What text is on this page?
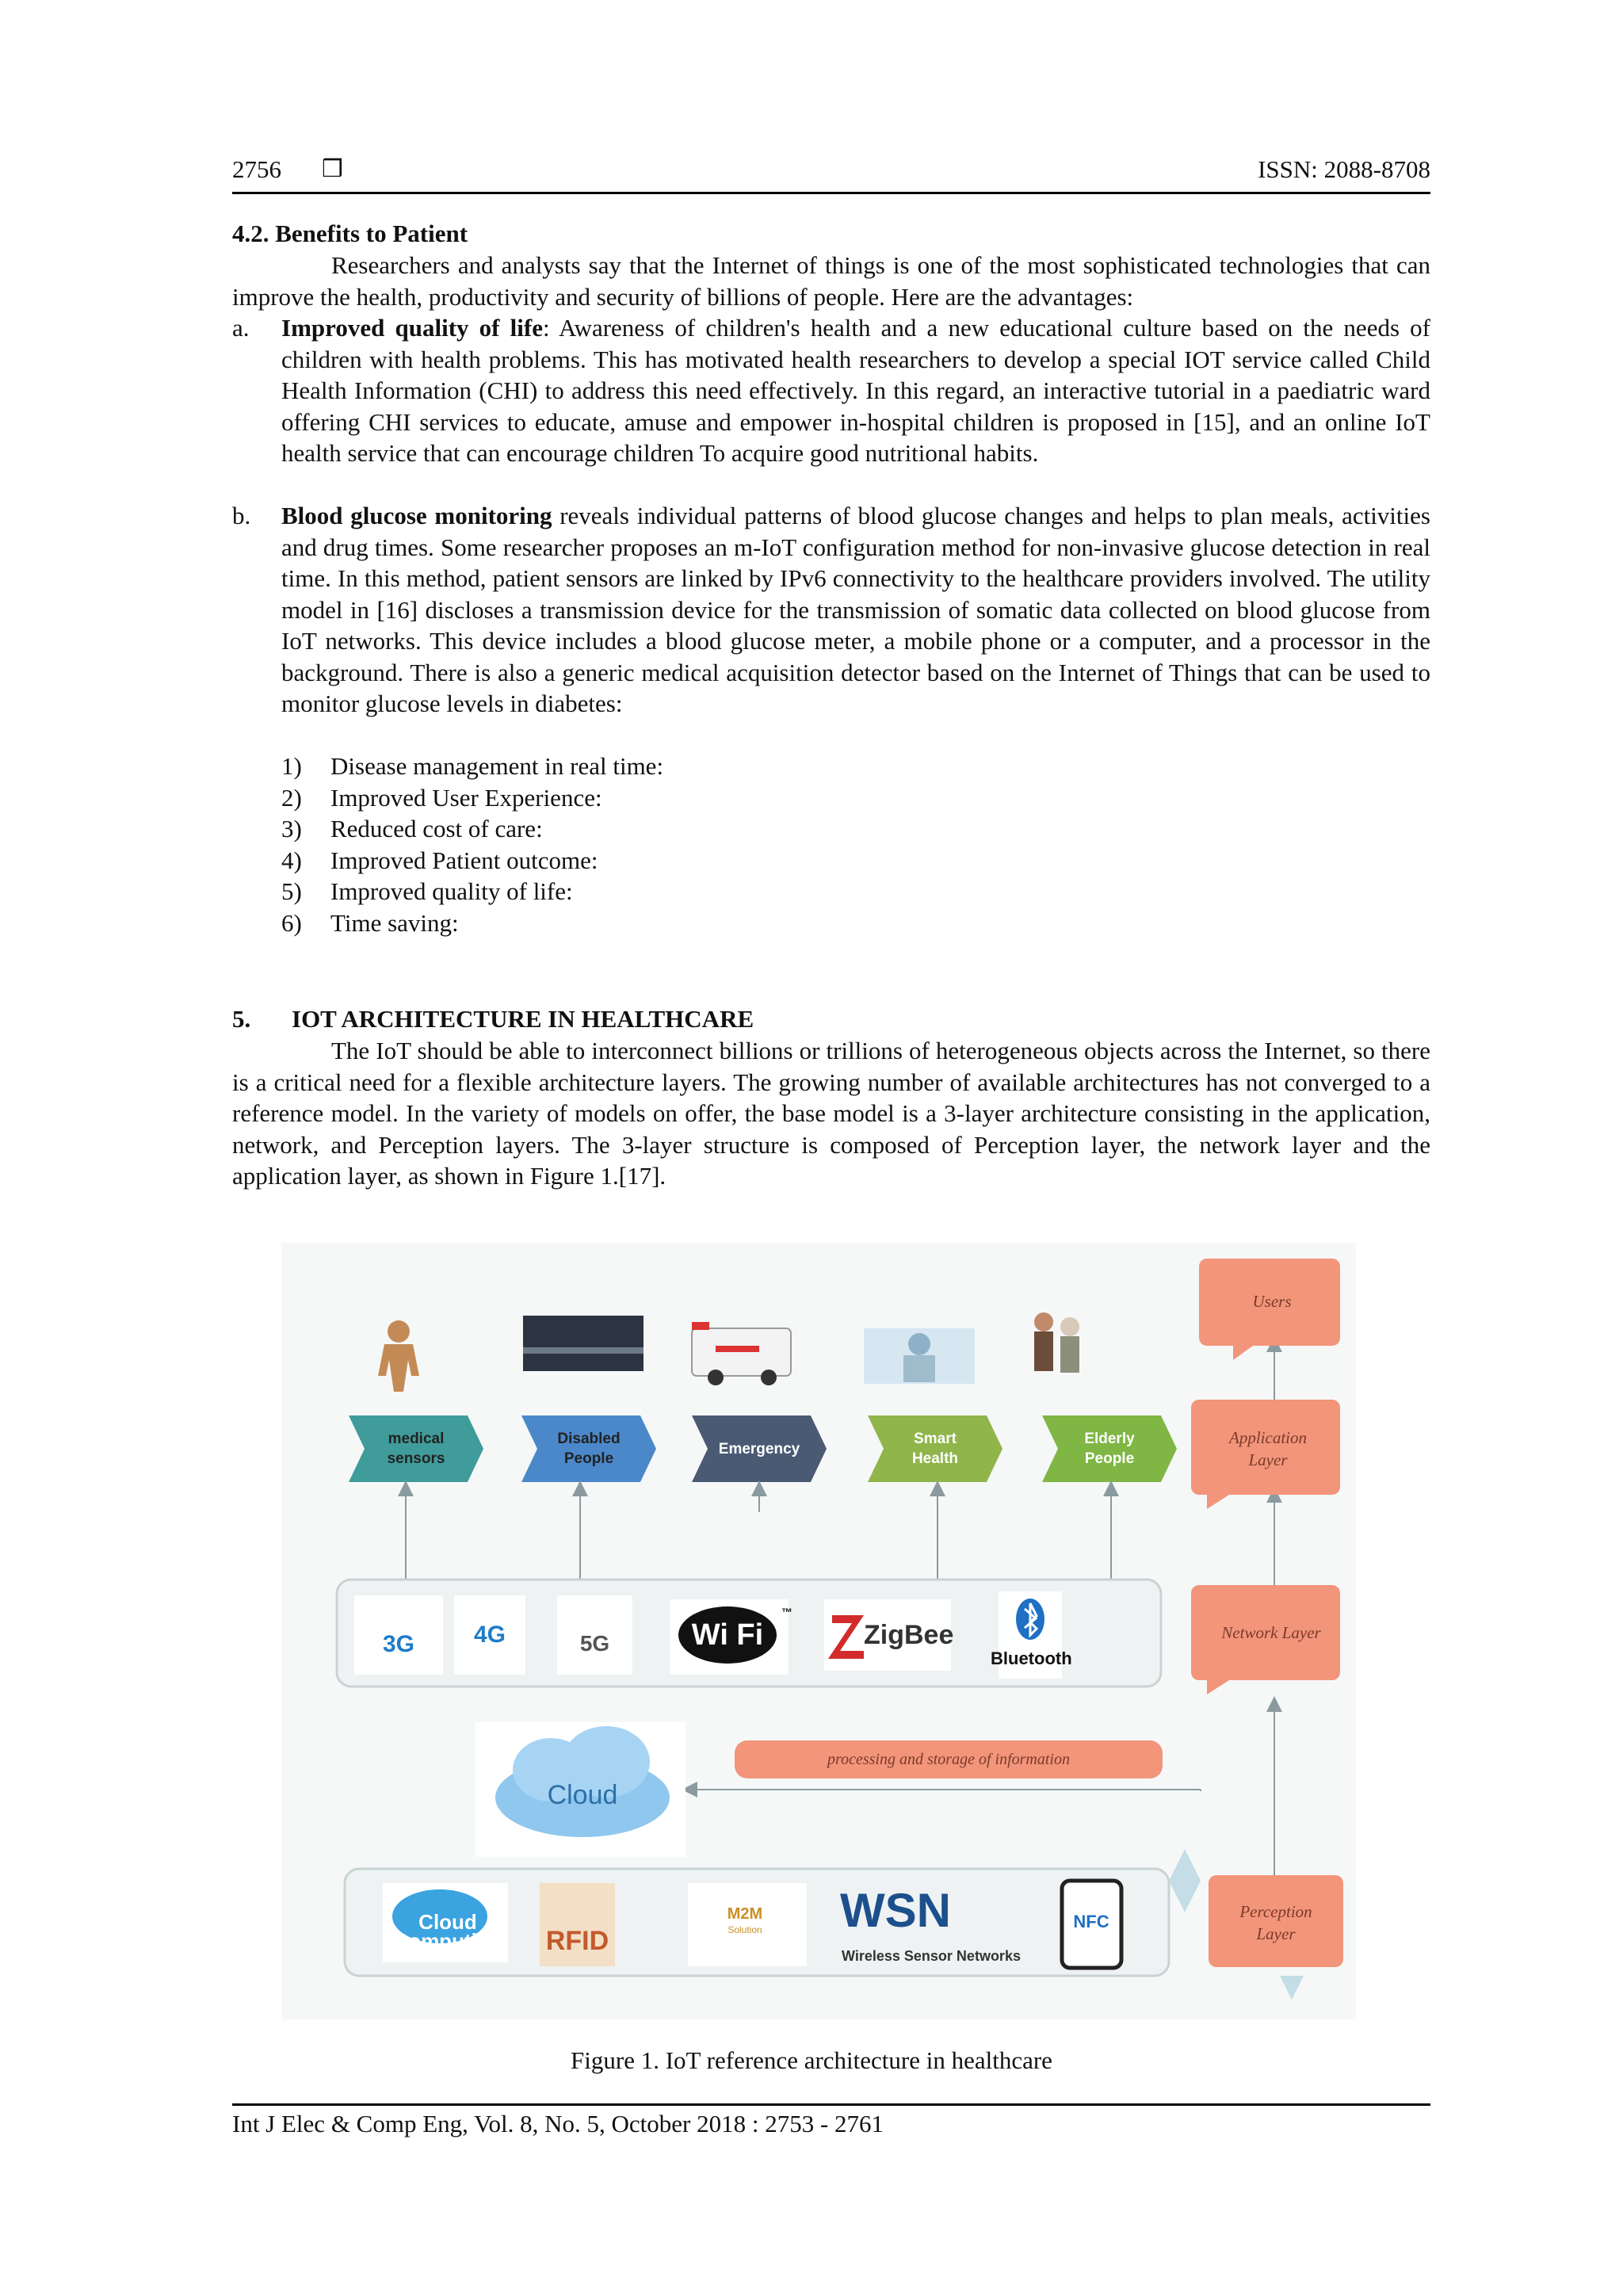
2756 ❒	ISSN: 2088-8708
4.2. Benefits to Patient
Researchers and analysts say that the Internet of things is one of the most sophisticated technologies that can improve the health, productivity and security of billions of people. Here are the advantages:
a. Improved quality of life: Awareness of children's health and a new educational culture based on the needs of children with health problems. This has motivated health researchers to develop a special IOT service called Child Health Information (CHI) to address this need effectively. In this regard, an interactive tutorial in a paediatric ward offering CHI services to educate, amuse and empower in-hospital children is proposed in [15], and an online IoT health service that can encourage children To acquire good nutritional habits.
b. Blood glucose monitoring reveals individual patterns of blood glucose changes and helps to plan meals, activities and drug times. Some researcher proposes an m-IoT configuration method for non-invasive glucose detection in real time. In this method, patient sensors are linked by IPv6 connectivity to the healthcare providers involved. The utility model in [16] discloses a transmission device for the transmission of somatic data collected on blood glucose from IoT networks. This device includes a blood glucose meter, a mobile phone or a computer, and a processor in the background. There is also a generic medical acquisition detector based on the Internet of Things that can be used to monitor glucose levels in diabetes:
1) Disease management in real time:
2) Improved User Experience:
3) Reduced cost of care:
4) Improved Patient outcome:
5) Improved quality of life:
6) Time saving:
5. IOT ARCHITECTURE IN HEALTHCARE
The IoT should be able to interconnect billions or trillions of heterogeneous objects across the Internet, so there is a critical need for a flexible architecture layers. The growing number of available architectures has not converged to a reference model. In the variety of models on offer, the base model is a 3-layer architecture consisting in the application, network, and Perception layers. The 3-layer structure is composed of Perception layer, the network layer and the application layer, as shown in Figure 1.[17].
medical
sensors
Disabled
People
Emergency
Smart
Health
Elderly
People
Users
Application Layer
Network Layer
Perception Layer
3G	4G	5G	Wi Fi
™
ZigBee
Bluetooth
Cloud
processing and storage of information
Cloud
Computing RFID
M2M
Solution WSN
Wireless Sensor Networks
NFC
Figure 1. IoT reference architecture in healthcare
Int J Elec & Comp Eng, Vol. 8, No. 5, October 2018 : 2753 - 2761
